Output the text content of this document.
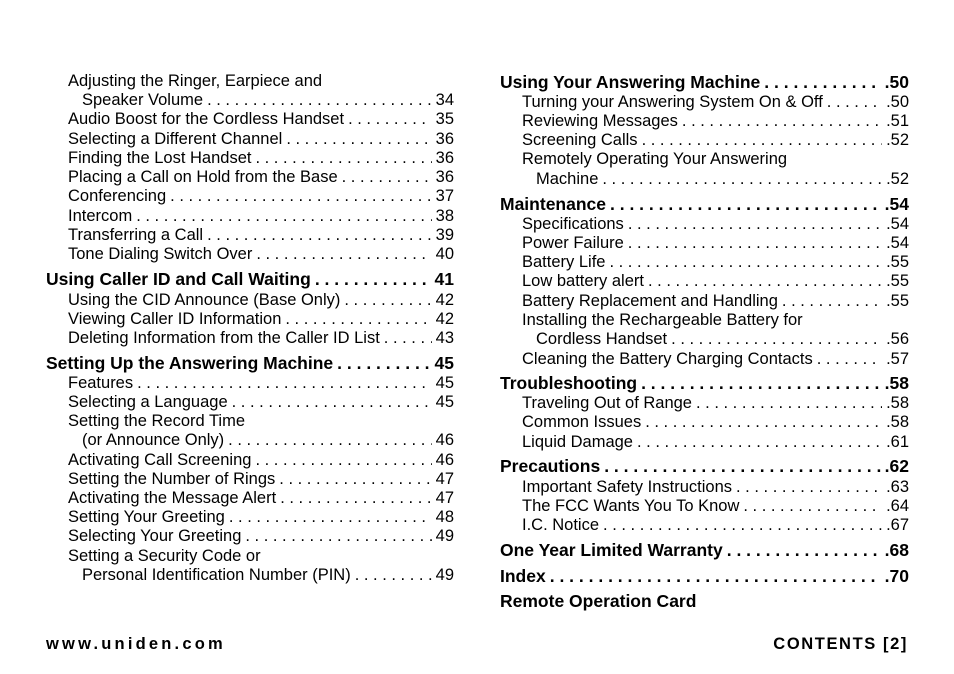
Adjusting the Ringer, Earpiece and
Speaker Volume . . .	34
Audio Boost for the Cordless Handset . . .	35
Selecting a Different Channel . . .	36
Finding the Lost Handset . . .	36
Placing a Call on Hold from the Base . . .	36
Conferencing . . .	37
Intercom . . .	38
Transferring a Call . . .	39
Tone Dialing Switch Over . . .	40
Using Caller ID and Call Waiting . . .	41
Using the CID Announce (Base Only) . . .	42
Viewing Caller ID Information . . .	42
Deleting Information from the Caller ID List . . .	43
Setting Up the Answering Machine . . .	45
Features . . .	45
Selecting a Language . . .	45
Setting the Record Time
(or Announce Only) . . .	46
Activating Call Screening . . .	46
Setting the Number of Rings . . .	47
Activating the Message Alert . . .	47
Setting Your Greeting . . .	48
Selecting Your Greeting . . .	49
Setting a Security Code or
Personal Identification Number (PIN) . . .	49
Using Your Answering Machine . . .	.50
Turning your Answering System On & Off . . .	.50
Reviewing Messages . . .	.51
Screening Calls . . .	.52
Remotely Operating Your Answering
Machine . . .	.52
Maintenance . . .	.54
Specifications . . .	.54
Power Failure . . .	.54
Battery Life . . .	.55
Low battery alert . . .	.55
Battery Replacement and Handling . . .	.55
Installing the Rechargeable Battery for
Cordless Handset . . .	.56
Cleaning the Battery Charging Contacts . . .	.57
Troubleshooting . . .	.58
Traveling Out of Range . . .	.58
Common Issues . . .	.58
Liquid Damage . . .	.61
Precautions . . .	.62
Important Safety Instructions . . .	.63
The FCC Wants You To Know . . .	.64
I.C. Notice . . .	.67
One Year Limited Warranty . . .	.68
Index . . .	.70
Remote Operation Card
www.uniden.com	CONTENTS [2]
